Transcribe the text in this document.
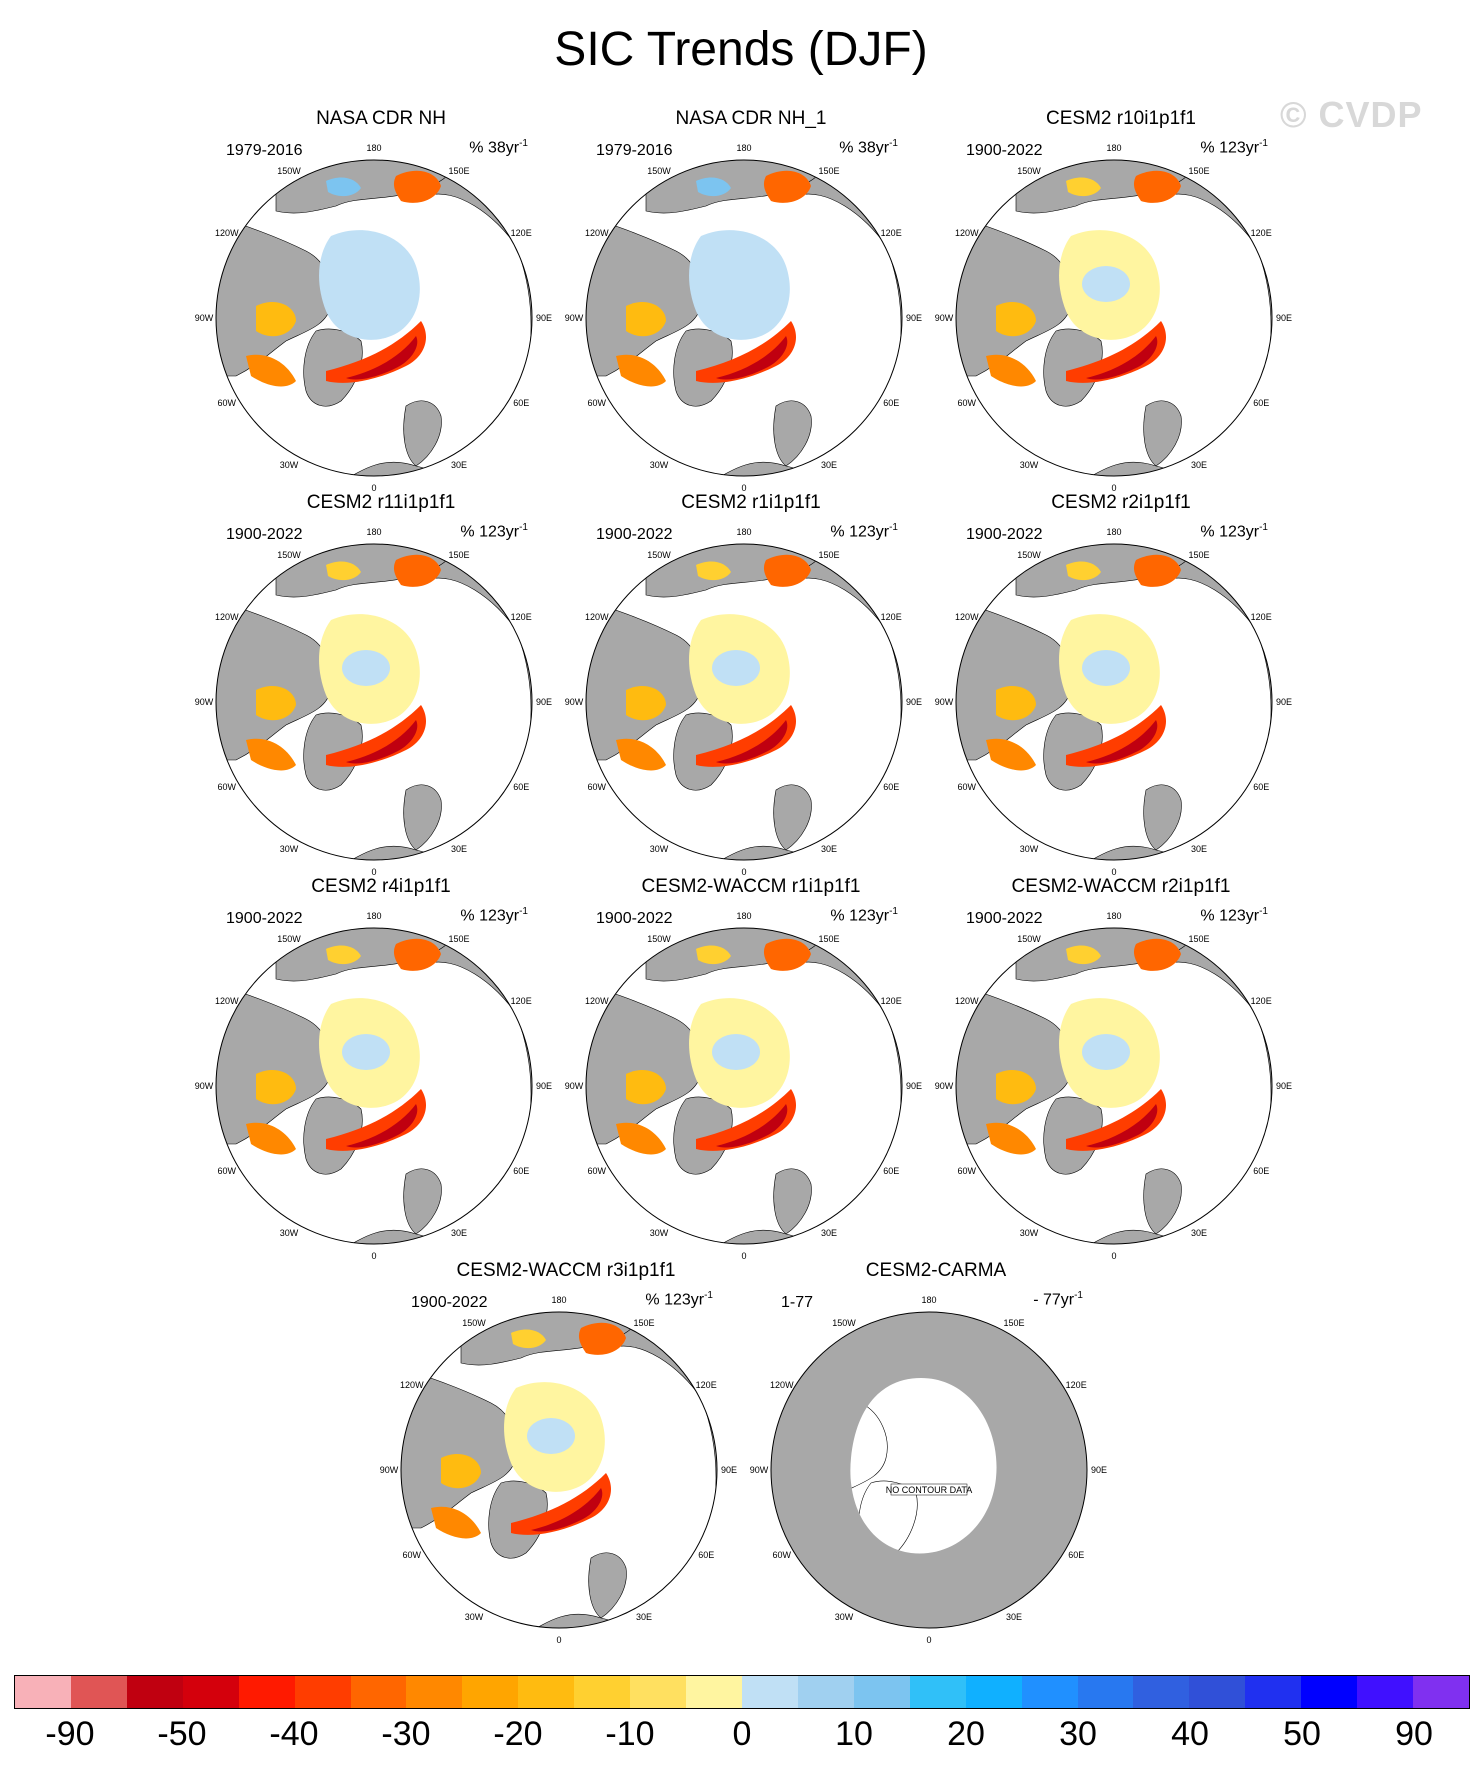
SIC Trends (DJF)
© CVDP
NASA CDR NH
1979-2016	% $38yr^{-1}$
180
150E
120E
90E
60E
30E
0
30W
60W
90W
120W
150W
NASA CDR NH_1
1979-2016	% $38yr^{-1}$
180
150E
120E
90E
60E
30E
0
30W
60W
90W
120W
150W
CESM2 r10i1p1f1
1900-2022	% $123yr^{-1}$
180
150E
120E
90E
60E
30E
0
30W
60W
90W
120W
150W
CESM2 r11i1p1f1
1900-2022	% $123yr^{-1}$
180
150E
120E
90E
60E
30E
0
30W
60W
90W
120W
150W
CESM2 r1i1p1f1
1900-2022	% $123yr^{-1}$
180
150E
120E
90E
60E
30E
0
30W
60W
90W
120W
150W
CESM2 r2i1p1f1
1900-2022	% $123yr^{-1}$
180
150E
120E
90E
60E
30E
0
30W
60W
90W
120W
150W
CESM2 r4i1p1f1
1900-2022	% $123yr^{-1}$
180
150E
120E
90E
60E
30E
0
30W
60W
90W
120W
150W
CESM2-WACCM r1i1p1f1
1900-2022	% $123yr^{-1}$
180
150E
120E
90E
60E
30E
0
30W
60W
90W
120W
150W
CESM2-WACCM r2i1p1f1
1900-2022	% $123yr^{-1}$
180
150E
120E
90E
60E
30E
0
30W
60W
90W
120W
150W
CESM2-WACCM r3i1p1f1
1900-2022	% $123yr^{-1}$
180
150E
120E
90E
60E
30E
0
30W
60W
90W
120W
150W
CESM2-CARMA
1-77	- $77yr^{-1}$
180
150E
120E
90E
60E
30E
0
30W
60W
90W
120W
150W
NO CONTOUR DATA
-90 -50 -40 -30 -20 -10 0 10 20 30 40 50 90
